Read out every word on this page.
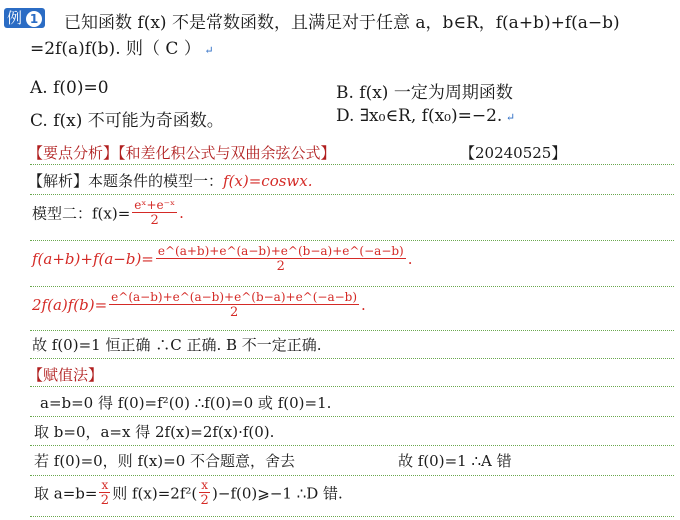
例 1	已知函数 f(x) 不是常数函数，且满足对于任意 a，b∈R，f(a+b)+f(a−b)
=2f(a)f(b). 则（ C ） ↵
A. f(0)=0	B. f(x) 一定为周期函数
C. f(x) 不可能为奇函数。	D. ∃x₀∈R, f(x₀)=−2. ↵
【要点分析】【和差化积公式与双曲余弦公式】	【20240525】
【解析】本题条件的模型一：f(x)=coswx.
模型二：$f(x)= \frac{\text{eˣ+e⁻ˣ}}{2}$ .
$f(a+b)+f(a-b)= \frac{e\^{}(a+b)+e\^{}(a-b)+e\^{}(b-a)+e\^{}(-a-b)}{2}$ .
$2f(a)f(b)= \frac{e\^{}(a-b)+e\^{}(a-b)+e\^{}(b-a)+e\^{}(-a-b)}{2}$ .
故 f(0)=1 恒正确 ∴C 正确. B 不一定正确.
【赋值法】
a=b=0 得 f(0)=f²(0) ∴f(0)=0 或 f(0)=1.
取 b=0，a=x 得 2f(x)=2f(x)·f(0).
若 f(0)=0，则 f(x)=0 不合题意，舍去	故 f(0)=1 ∴A 错
取 $a=b= \frac{x}{2}$ 则 $f(x)=2f^2( \frac{x}{2}$ )−f(0)⩾−1 ∴D 错.
